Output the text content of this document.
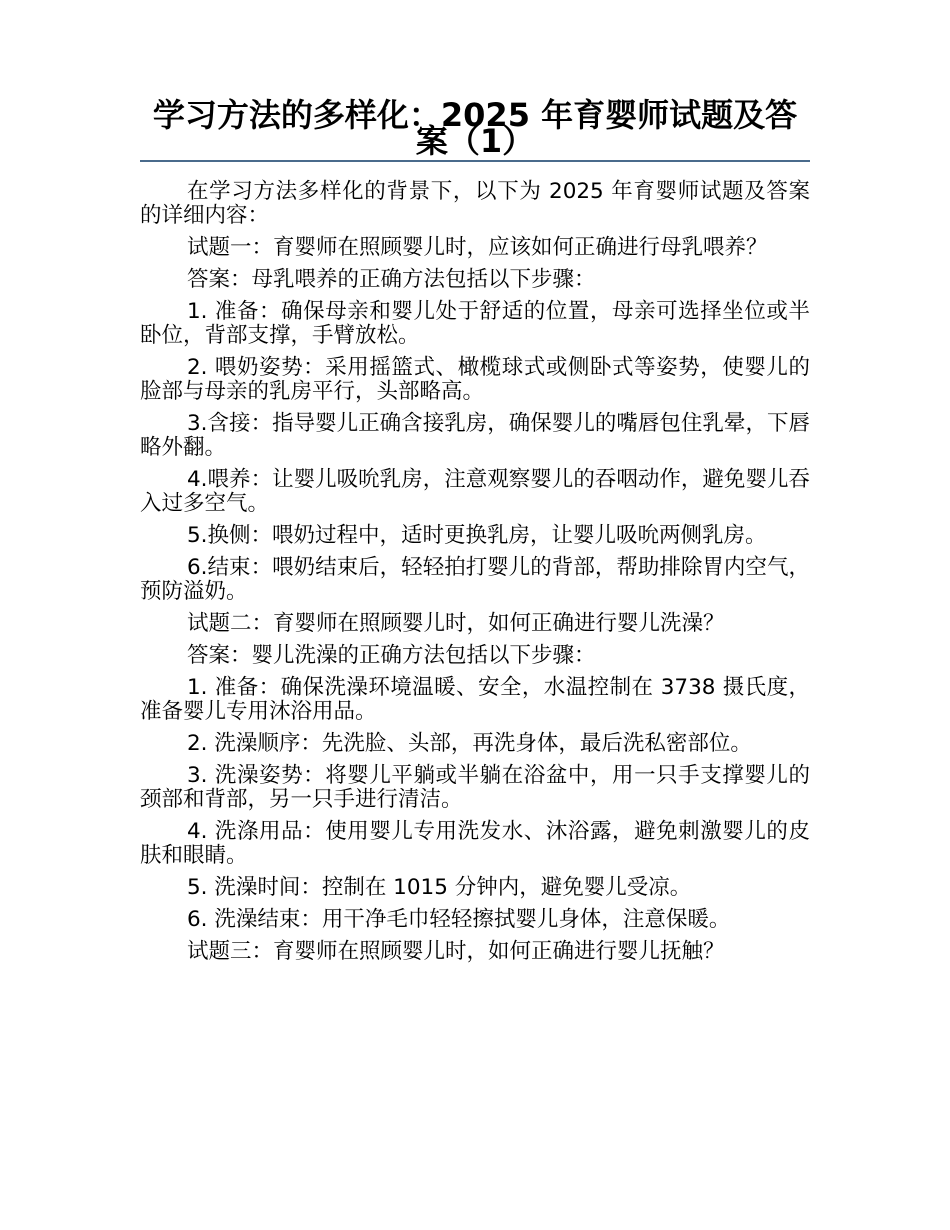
学习方法的多样化：2025 年育婴师试题及答案（1）

在学习方法多样化的背景下，以下为 2025 年育婴师试题及答案的详细内容：

试题一：育婴师在照顾婴儿时，应该如何正确进行母乳喂养？

答案：母乳喂养的正确方法包括以下步骤：

1. 准备：确保母亲和婴儿处于舒适的位置，母亲可选择坐位或半卧位，背部支撑，手臂放松。

2. 喂奶姿势：采用摇篮式、橄榄球式或侧卧式等姿势，使婴儿的脸部与母亲的乳房平行，头部略高。

3.含接：指导婴儿正确含接乳房，确保婴儿的嘴唇包住乳晕，下唇略外翻。

4.喂养：让婴儿吸吮乳房，注意观察婴儿的吞咽动作，避免婴儿吞入过多空气。

5.换侧：喂奶过程中，适时更换乳房，让婴儿吸吮两侧乳房。

6.结束：喂奶结束后，轻轻拍打婴儿的背部，帮助排除胃内空气，预防溢奶。

试题二：育婴师在照顾婴儿时，如何正确进行婴儿洗澡？

答案：婴儿洗澡的正确方法包括以下步骤：

1. 准备：确保洗澡环境温暖、安全，水温控制在 3738 摄氏度，准备婴儿专用沐浴用品。

2. 洗澡顺序：先洗脸、头部，再洗身体，最后洗私密部位。

3. 洗澡姿势：将婴儿平躺或半躺在浴盆中，用一只手支撑婴儿的颈部和背部，另一只手进行清洁。

4. 洗涤用品：使用婴儿专用洗发水、沐浴露，避免刺激婴儿的皮肤和眼睛。

5. 洗澡时间：控制在 1015 分钟内，避免婴儿受凉。

6. 洗澡结束：用干净毛巾轻轻擦拭婴儿身体，注意保暖。

试题三：育婴师在照顾婴儿时，如何正确进行婴儿抚触？
